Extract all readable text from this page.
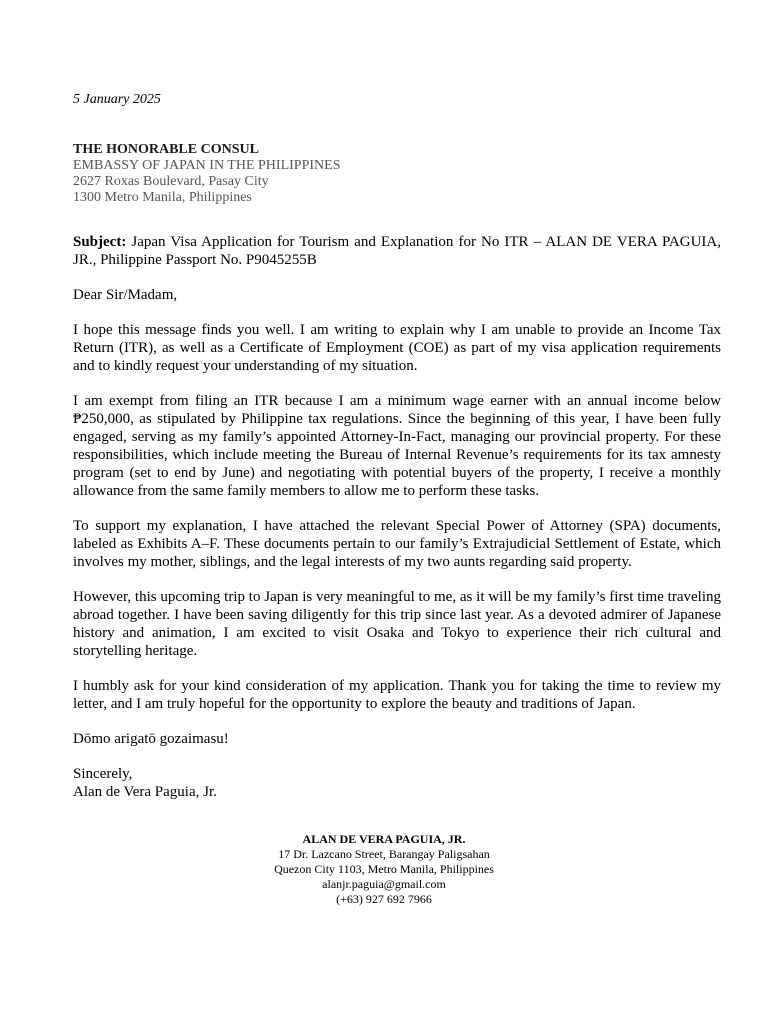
5 January 2025
THE HONORABLE CONSUL
EMBASSY OF JAPAN IN THE PHILIPPINES
2627 Roxas Boulevard, Pasay City
1300 Metro Manila, Philippines
Subject: Japan Visa Application for Tourism and Explanation for No ITR – ALAN DE VERA PAGUIA, JR., Philippine Passport No. P9045255B
Dear Sir/Madam,
I hope this message finds you well. I am writing to explain why I am unable to provide an Income Tax Return (ITR), as well as a Certificate of Employment (COE) as part of my visa application requirements and to kindly request your understanding of my situation.
I am exempt from filing an ITR because I am a minimum wage earner with an annual income below ₱250,000, as stipulated by Philippine tax regulations. Since the beginning of this year, I have been fully engaged, serving as my family’s appointed Attorney-In-Fact, managing our provincial property. For these responsibilities, which include meeting the Bureau of Internal Revenue’s requirements for its tax amnesty program (set to end by June) and negotiating with potential buyers of the property, I receive a monthly allowance from the same family members to allow me to perform these tasks.
To support my explanation, I have attached the relevant Special Power of Attorney (SPA) documents, labeled as Exhibits A–F. These documents pertain to our family’s Extrajudicial Settlement of Estate, which involves my mother, siblings, and the legal interests of my two aunts regarding said property.
However, this upcoming trip to Japan is very meaningful to me, as it will be my family’s first time traveling abroad together. I have been saving diligently for this trip since last year. As a devoted admirer of Japanese history and animation, I am excited to visit Osaka and Tokyo to experience their rich cultural and storytelling heritage.
I humbly ask for your kind consideration of my application. Thank you for taking the time to review my letter, and I am truly hopeful for the opportunity to explore the beauty and traditions of Japan.
Dōmo arigatō gozaimasu!
Sincerely,
Alan de Vera Paguia, Jr.
ALAN DE VERA PAGUIA, JR.
17 Dr. Lazcano Street, Barangay Paligsahan
Quezon City 1103, Metro Manila, Philippines
alanjr.paguia@gmail.com
(+63) 927 692 7966
